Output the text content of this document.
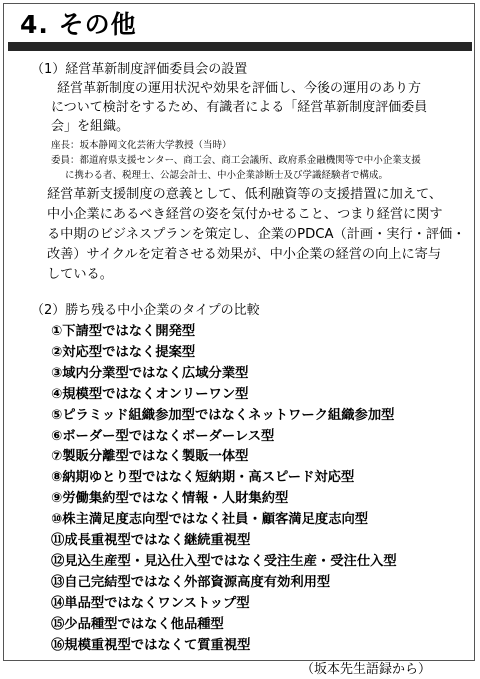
4. その他

（1）経営革新制度評価委員会の設置

経営革新制度の運用状況や効果を評価し、今後の運用のあり方

について検討をするため、有識者による「経営革新制度評価委員

会」を組織。

座長：坂本静岡文化芸術大学教授（当時）

委員：都道府県支援センター、商工会、商工会議所、政府系金融機関等で中小企業支援

に携わる者、税理士、公認会計士、中小企業診断士及び学識経験者で構成。

経営革新支援制度の意義として、低利融資等の支援措置に加えて、

中小企業にあるべき経営の姿を気付かせること、つまり経営に関す

る中期のビジネスプランを策定し、企業のPDCA（計画・実行・評価・

改善）サイクルを定着させる効果が、中小企業の経営の向上に寄与

している。

（2）勝ち残る中小企業のタイプの比較

①下請型ではなく開発型
②対応型ではなく提案型
③域内分業型ではなく広域分業型
④規模型ではなくオンリーワン型
⑤ピラミッド組織参加型ではなくネットワーク組織参加型
⑥ボーダー型ではなくボーダーレス型
⑦製販分離型ではなく製販一体型
⑧納期ゆとり型ではなく短納期・高スピード対応型
⑨労働集約型ではなく情報・人財集約型
⑩株主満足度志向型ではなく社員・顧客満足度志向型
⑪成長重視型ではなく継続重視型
⑫見込生産型・見込仕入型ではなく受注生産・受注仕入型
⑬自己完結型ではなく外部資源高度有効利用型
⑭単品型ではなくワンストップ型
⑮少品種型ではなく他品種型
⑯規模重視型ではなくて質重視型

（坂本先生語録から）
